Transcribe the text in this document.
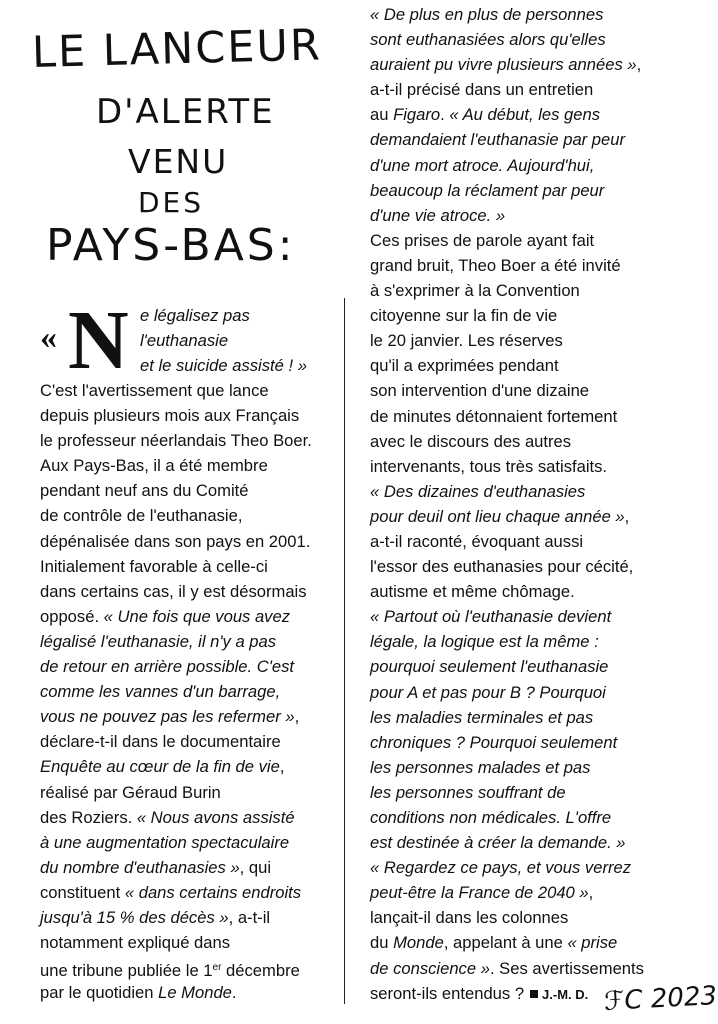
LE LANCEUR
D'ALERTE
VENU
DES
PAYS-BAS:
« N e légalisez pas
l'euthanasie
et le suicide assisté ! »
C'est l'avertissement que lance
depuis plusieurs mois aux Français
le professeur néerlandais Theo Boer.
Aux Pays-Bas, il a été membre
pendant neuf ans du Comité
de contrôle de l'euthanasie,
dépénalisée dans son pays en 2001.
Initialement favorable à celle-ci
dans certains cas, il y est désormais
opposé. « Une fois que vous avez
légalisé l'euthanasie, il n'y a pas
de retour en arrière possible. C'est
comme les vannes d'un barrage,
vous ne pouvez pas les refermer »,
déclare-t-il dans le documentaire
Enquête au cœur de la fin de vie,
réalisé par Géraud Burin
des Roziers. « Nous avons assisté
à une augmentation spectaculaire
du nombre d'euthanasies », qui
constituent « dans certains endroits
jusqu'à 15 % des décès », a-t-il
notamment expliqué dans
une tribune publiée le 1er décembre
par le quotidien Le Monde.
« De plus en plus de personnes
sont euthanasiées alors qu'elles
auraient pu vivre plusieurs années »,
a-t-il précisé dans un entretien
au Figaro. « Au début, les gens
demandaient l'euthanasie par peur
d'une mort atroce. Aujourd'hui,
beaucoup la réclament par peur
d'une vie atroce. »
Ces prises de parole ayant fait
grand bruit, Theo Boer a été invité
à s'exprimer à la Convention
citoyenne sur la fin de vie
le 20 janvier. Les réserves
qu'il a exprimées pendant
son intervention d'une dizaine
de minutes détonnaient fortement
avec le discours des autres
intervenants, tous très satisfaits.
« Des dizaines d'euthanasies
pour deuil ont lieu chaque année »,
a-t-il raconté, évoquant aussi
l'essor des euthanasies pour cécité,
autisme et même chômage.
« Partout où l'euthanasie devient
légale, la logique est la même :
pourquoi seulement l'euthanasie
pour A et pas pour B ? Pourquoi
les maladies terminales et pas
chroniques ? Pourquoi seulement
les personnes malades et pas
les personnes souffrant de
conditions non médicales. L'offre
est destinée à créer la demande. »
« Regardez ce pays, et vous verrez
peut-être la France de 2040 »,
lançait-il dans les colonnes
du Monde, appelant à une « prise
de conscience ». Ses avertissements
seront-ils entendus ? J.-M. D. ℱC 2023
